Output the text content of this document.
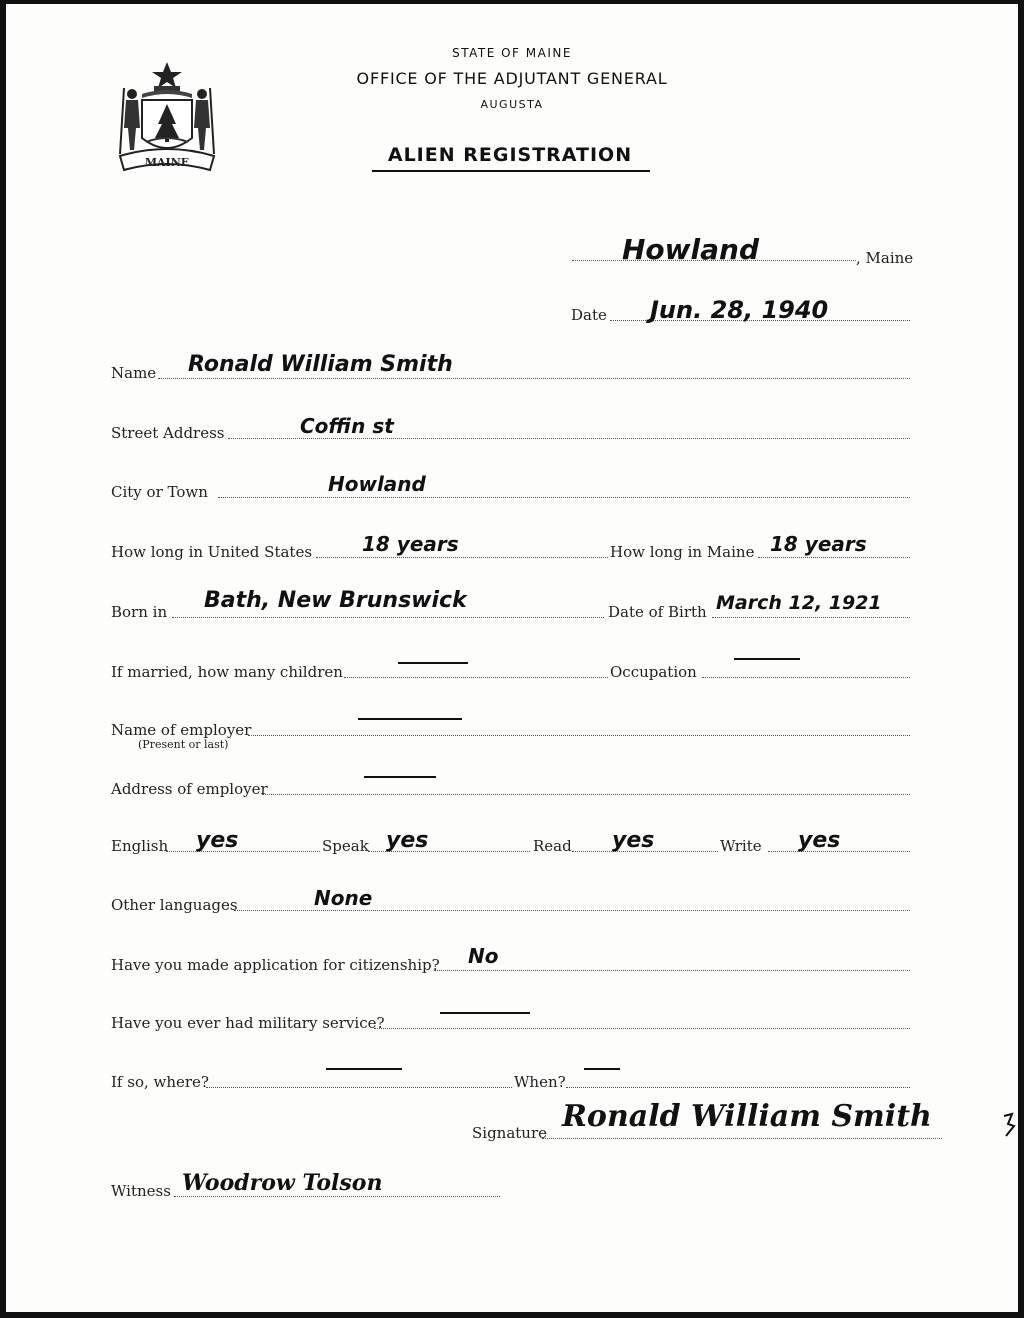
MAINE
STATE OF MAINE
OFFICE OF THE ADJUTANT GENERAL
AUGUSTA
ALIEN REGISTRATION
Howland	, Maine
Date Jun. 28, 1940
Name Ronald William Smith
Street Address	Coffin st
City or Town	Howland
How long in United States 18 years	How long in Maine 18 years
Born in Bath, New Brunswick	Date of Birth March 12, 1921
If married, how many children	Occupation
Name of employer
(Present or last)
Address of employer
English yes	Speak yes	Read yes	Write yes
Other languages	None
Have you made application for citizenship? No
Have you ever had military service?
If so, where?	When?
Signature Ronald William Smith
Witness Woodrow Tolson
